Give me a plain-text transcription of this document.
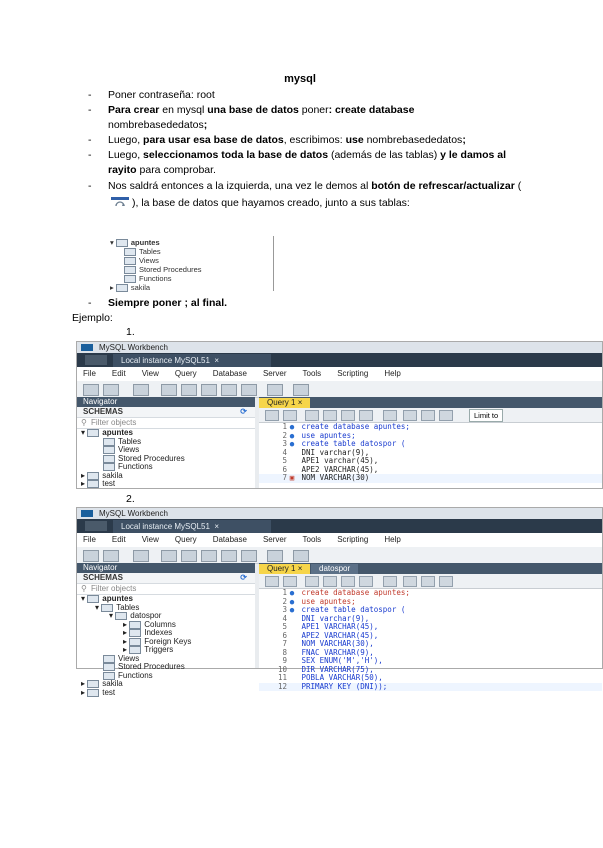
mysql
- Poner contraseña: root
- Para crear en mysql una base de datos poner: create database
nombrebasededatos;
- Luego, para usar esa base de datos, escribimos: use nombrebasededatos;
- Luego, seleccionamos toda la base de datos (además de las tablas) y le damos al rayito para comprobar.
- Nos saldrá entonces a la izquierda, una vez le demos al botón de refrescar/actualizar (), la base de datos que hayamos creado, junto a sus tablas:
▾ apuntes
Tables
Views
Stored Procedures
Functions
▸ sakila
- Siempre poner ; al final.
Ejemplo:
1.
MySQL Workbench
Local instance MySQL51  ×
File Edit View Query Database Server Tools Scripting Help
Navigator
SCHEMAS	⟳
⚲ Filter objects
▾ apuntes
Tables
Views
Stored Procedures
Functions
▸ sakila
▸ test
Query 1 ×
Limit to
1 ● create database apuntes;
2 ● use apuntes;
3 ● create table datospor (
4 DNI varchar(9),
5 APE1 varchar(45),
6 APE2 VARCHAR(45),
7 ▣ NOM VARCHAR(30)
2.
MySQL Workbench
Local instance MySQL51  ×
File Edit View Query Database Server Tools Scripting Help
Navigator
SCHEMAS	⟳
⚲ Filter objects
▾ apuntes
▾ Tables
▾ datospor
▸ Columns
▸ Indexes
▸ Foreign Keys
▸ Triggers
Views
Stored Procedures
Functions
▸ sakila
▸ test
Query 1 ×	datospor
1 ● create database apuntes;
2 ● use apuntes;
3 ● create table datospor (
4 DNI varchar(9),
5 APE1 VARCHAR(45),
6 APE2 VARCHAR(45),
7 NOM VARCHAR(30),
8 FNAC VARCHAR(9),
9 SEX ENUM('M','H'),
10 DIR VARCHAR(75),
11 POBLA VARCHAR(50),
12 PRIMARY KEY (DNI));
